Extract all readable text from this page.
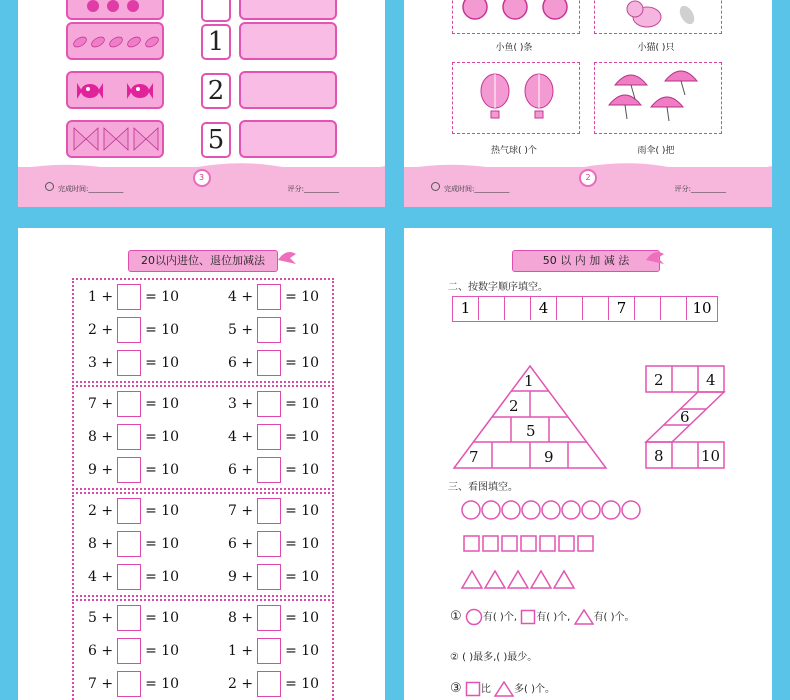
1
2
5
完成时间:__________
3
评分:__________
小鱼( )条	小猫( )只
热气球( )个	雨伞( )把
完成时间:__________
2
评分:__________
20以内进位、退位加减法
1 + = 10	4 + = 10
2 + = 10	5 + = 10
3 + = 10	6 + = 10
7 + = 10	3 + = 10
8 + = 10	4 + = 10
9 + = 10	6 + = 10
2 + = 10	7 + = 10
8 + = 10	6 + = 10
4 + = 10	9 + = 10
5 + = 10	8 + = 10
6 + = 10	1 + = 10
7 + = 10	2 + = 10
50 以 内 加 减 法
二、按数字顺序填空。
1	4	7	10
1
2
5
7	9
2	4
6
8 10
三、看图填空。
① 有( )个, 有( )个, 有( )个。
② ( )最多,( )最少。
③ 比 多( )个。
